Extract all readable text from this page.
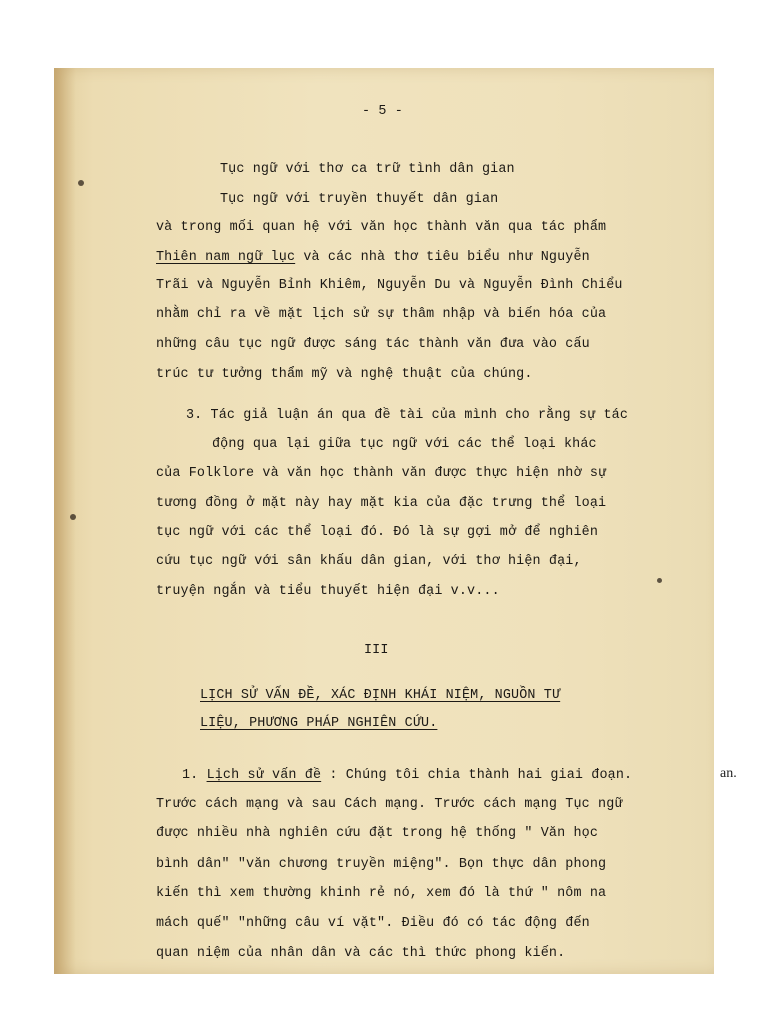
- 5 -
Tục ngữ với thơ ca trữ tình dân gian
Tục ngữ với truyền thuyết dân gian
và trong mối quan hệ với văn học thành văn qua tác phẩm
Thiên nam ngữ lục và các nhà thơ tiêu biểu như Nguyễn
Trãi và Nguyễn Bỉnh Khiêm, Nguyễn Du và Nguyễn Đình Chiểu
nhằm chỉ ra về mặt lịch sử sự thâm nhập và biến hóa của
những câu tục ngữ được sáng tác thành văn đưa vào cấu
trúc tư tưởng thẩm mỹ và nghệ thuật của chúng.
3. Tác giả luận án qua đề tài của mình cho rằng sự tác
động qua lại giữa tục ngữ với các thể loại khác
của Folklore và văn học thành văn được thực hiện nhờ sự
tương đồng ở mặt này hay mặt kia của đặc trưng thể loại
tục ngữ với các thể loại đó. Đó là sự gợi mở để nghiên
cứu tục ngữ với sân khấu dân gian, với thơ hiện đại,
truyện ngắn và tiểu thuyết hiện đại v.v...
III
LỊCH SỬ VẤN ĐỀ, XÁC ĐỊNH KHÁI NIỆM, NGUỒN TƯ
LIỆU, PHƯƠNG PHÁP NGHIÊN CỨU.
1. Lịch sử vấn đề : Chúng tôi chia thành hai giai đoạn.
Trước cách mạng và sau Cách mạng. Trước cách mạng Tục ngữ
được nhiều nhà nghiên cứu đặt trong hệ thống " Văn học
bình dân" "văn chương truyền miệng". Bọn thực dân phong
kiến thì xem thường khinh rẻ nó, xem đó là thứ " nôm na
mách quế" "những câu ví vặt". Điều đó có tác động đến
quan niệm của nhân dân và các thì thức phong kiến.
an.
